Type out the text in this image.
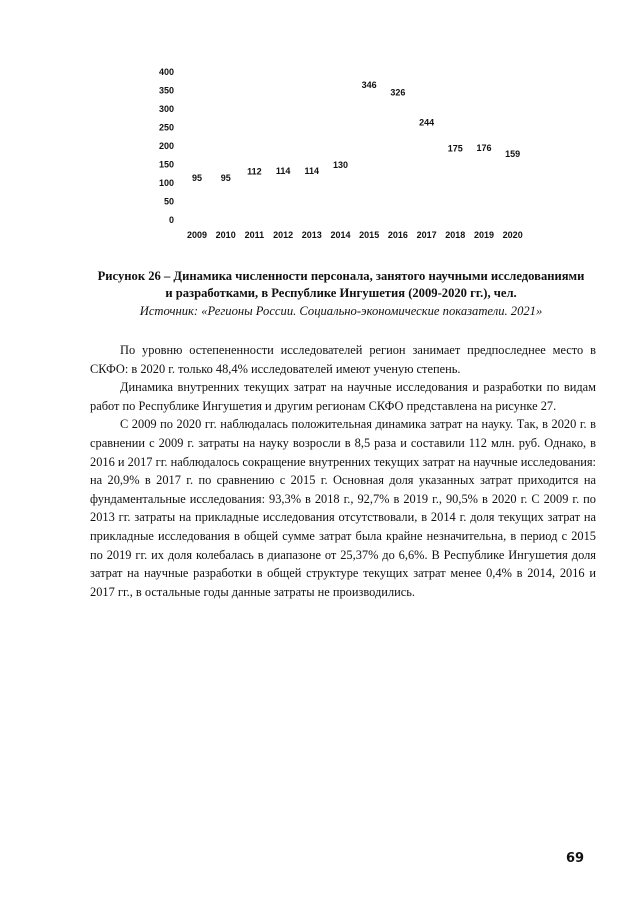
0
50
100
150
200
250
300
350
400
95 95
112 114 114
130
346
326
244
175 176
159
2009 2010 2011 2012 2013 2014 2015 2016 2017 2018 2019 2020
Рисунок 26 – Динамика численности персонала, занятого научными исследованиями
и разработками, в Республике Ингушетия (2009-2020 гг.), чел.
Источник: «Регионы России. Социально-экономические показатели. 2021»

По уровню остепененности исследователей регион занимает предпоследнее место в СКФО: в 2020 г. только 48,4% исследователей имеют ученую степень.

Динамика внутренних текущих затрат на научные исследования и разработки по видам работ по Республике Ингушетия и другим регионам СКФО представлена на рисунке 27.

С 2009 по 2020 гг. наблюдалась положительная динамика затрат на науку. Так, в 2020 г. в сравнении с 2009 г. затраты на науку возросли в 8,5 раза и составили 112 млн. руб. Однако, в 2016 и 2017 гг. наблюдалось сокращение внутренних текущих затрат на научные исследования: на 20,9% в 2017 г. по сравнению с 2015 г. Основная доля указанных затрат приходится на фундаментальные исследования: 93,3% в 2018 г., 92,7% в 2019 г., 90,5% в 2020 г. С 2009 г. по 2013 гг. затраты на прикладные исследования отсутствовали, в 2014 г. доля текущих затрат на прикладные исследования в общей сумме затрат была крайне незначительна, в период с 2015 по 2019 гг. их доля колебалась в диапазоне от 25,37% до 6,6%. В Республике Ингушетия доля затрат на научные разработки в общей структуре текущих затрат менее 0,4% в 2014, 2016 и 2017 гг., в остальные годы данные затраты не производились.

69
